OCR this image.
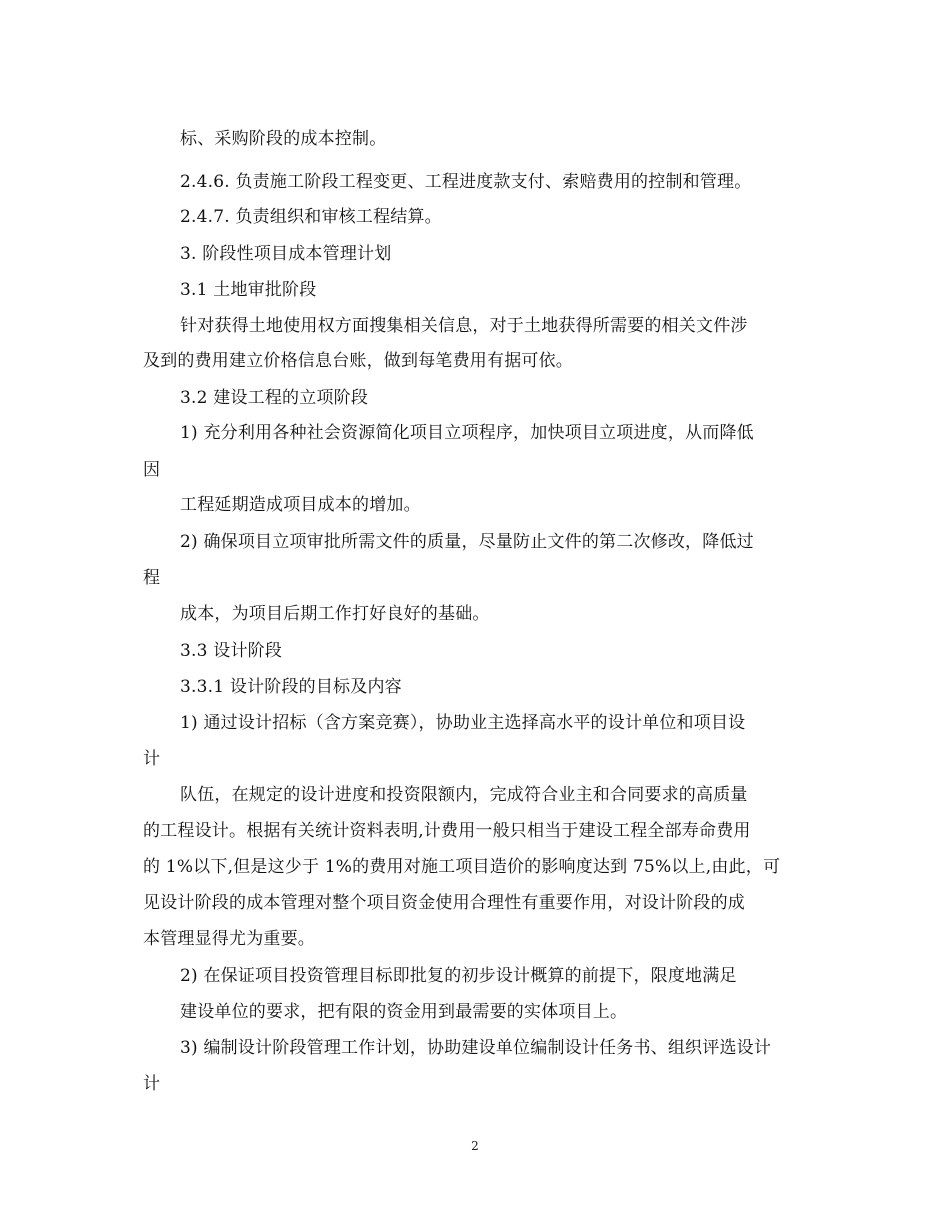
标、采购阶段的成本控制。
2.4.6. 负责施工阶段工程变更、工程进度款支付、索赔费用的控制和管理。
2.4.7. 负责组织和审核工程结算。
3. 阶段性项目成本管理计划
3.1 土地审批阶段
针对获得土地使用权方面搜集相关信息，对于土地获得所需要的相关文件涉
及到的费用建立价格信息台账，做到每笔费用有据可依。
3.2 建设工程的立项阶段
1) 充分利用各种社会资源简化项目立项程序，加快项目立项进度，从而降低
因
工程延期造成项目成本的增加。
2) 确保项目立项审批所需文件的质量，尽量防止文件的第二次修改，降低过
程
成本，为项目后期工作打好良好的基础。
3.3 设计阶段
3.3.1 设计阶段的目标及内容
1) 通过设计招标（含方案竞赛），协助业主选择高水平的设计单位和项目设
计
队伍，在规定的设计进度和投资限额内，完成符合业主和合同要求的高质量
的工程设计。根据有关统计资料表明,计费用一般只相当于建设工程全部寿命费用
的 1%以下,但是这少于 1%的费用对施工项目造价的影响度达到 75%以上,由此，可
见设计阶段的成本管理对整个项目资金使用合理性有重要作用，对设计阶段的成
本管理显得尤为重要。
2) 在保证项目投资管理目标即批复的初步设计概算的前提下，限度地满足
建设单位的要求，把有限的资金用到最需要的实体项目上。
3) 编制设计阶段管理工作计划，协助建设单位编制设计任务书、组织评选设计
计
2
